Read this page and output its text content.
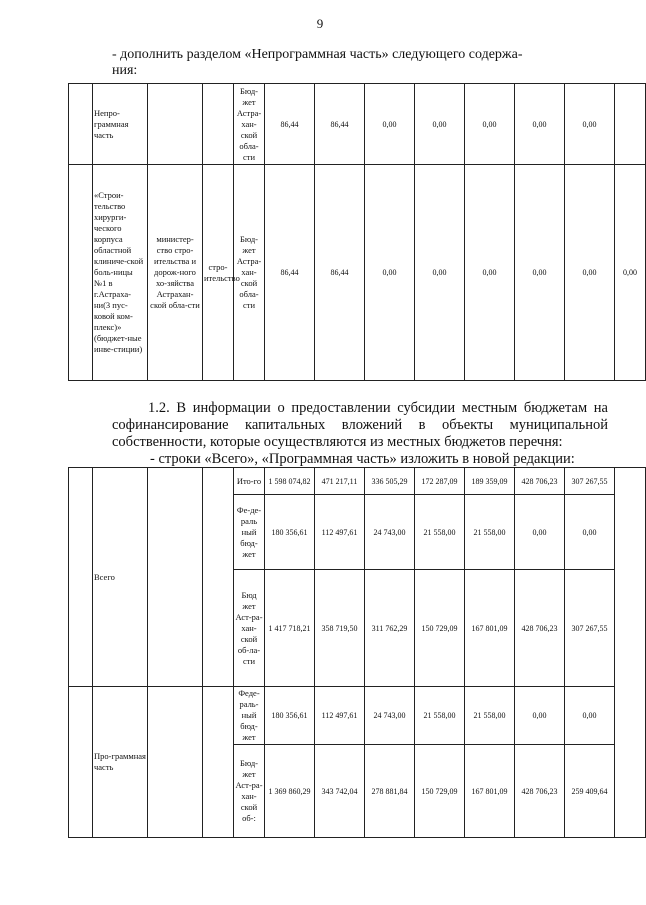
9
- дополнить разделом «Непрограммная часть» следующего содержа-
ния:
	Непро-граммная часть			Бюд-жет Астра-хан-ской обла-сти	86,44	86,44	0,00	0,00	0,00	0,00	0,00	
	«Строи-тельство хирурги-ческого корпуса областной клиниче-ской боль-ницы №1 в г.Астраха-ни(3 пус-ковой ком-плекс)» (бюджет-ные инве-стиции)	министер-ство стро-ительства и дорож-ного хо-зяйства Астрахан-ской обла-сти	стро-ительство	Бюд-жет Астра-хан-ской обла-сти	86,44	86,44	0,00	0,00	0,00	0,00	0,00	0,00

1.2. В информации о предоставлении субсидии местным бюджетам на софинансирование капитальных вложений в объекты муниципальной собственности, которые осуществляются из местных бюджетов перечня:

- строки «Всего», «Программная часть» изложить в новой редакции:

	Всего			Ито-го	1 598 074,82	471 217,11	336 505,29	172 287,09	189 359,09	428 706,23	307 267,55	
				Фе-де-раль ный бюд-жет	180 356,61	112 497,61	24 743,00	21 558,00	21 558,00	0,00	0,00	
				Бюд жет Аст-ра-хан-ской об-ла-сти	1 417 718,21	358 719,50	311 762,29	150 729,09	167 801,09	428 706,23	307 267,55	
	Про-граммная часть			Феде-раль-ный бюд-жет	180 356,61	112 497,61	24 743,00	21 558,00	21 558,00	0,00	0,00	
				Бюд-жет Аст-ра-хан-ской об-:	1 369 860,29	343 742,04	278 881,84	150 729,09	167 801,09	428 706,23	259 409,64	
